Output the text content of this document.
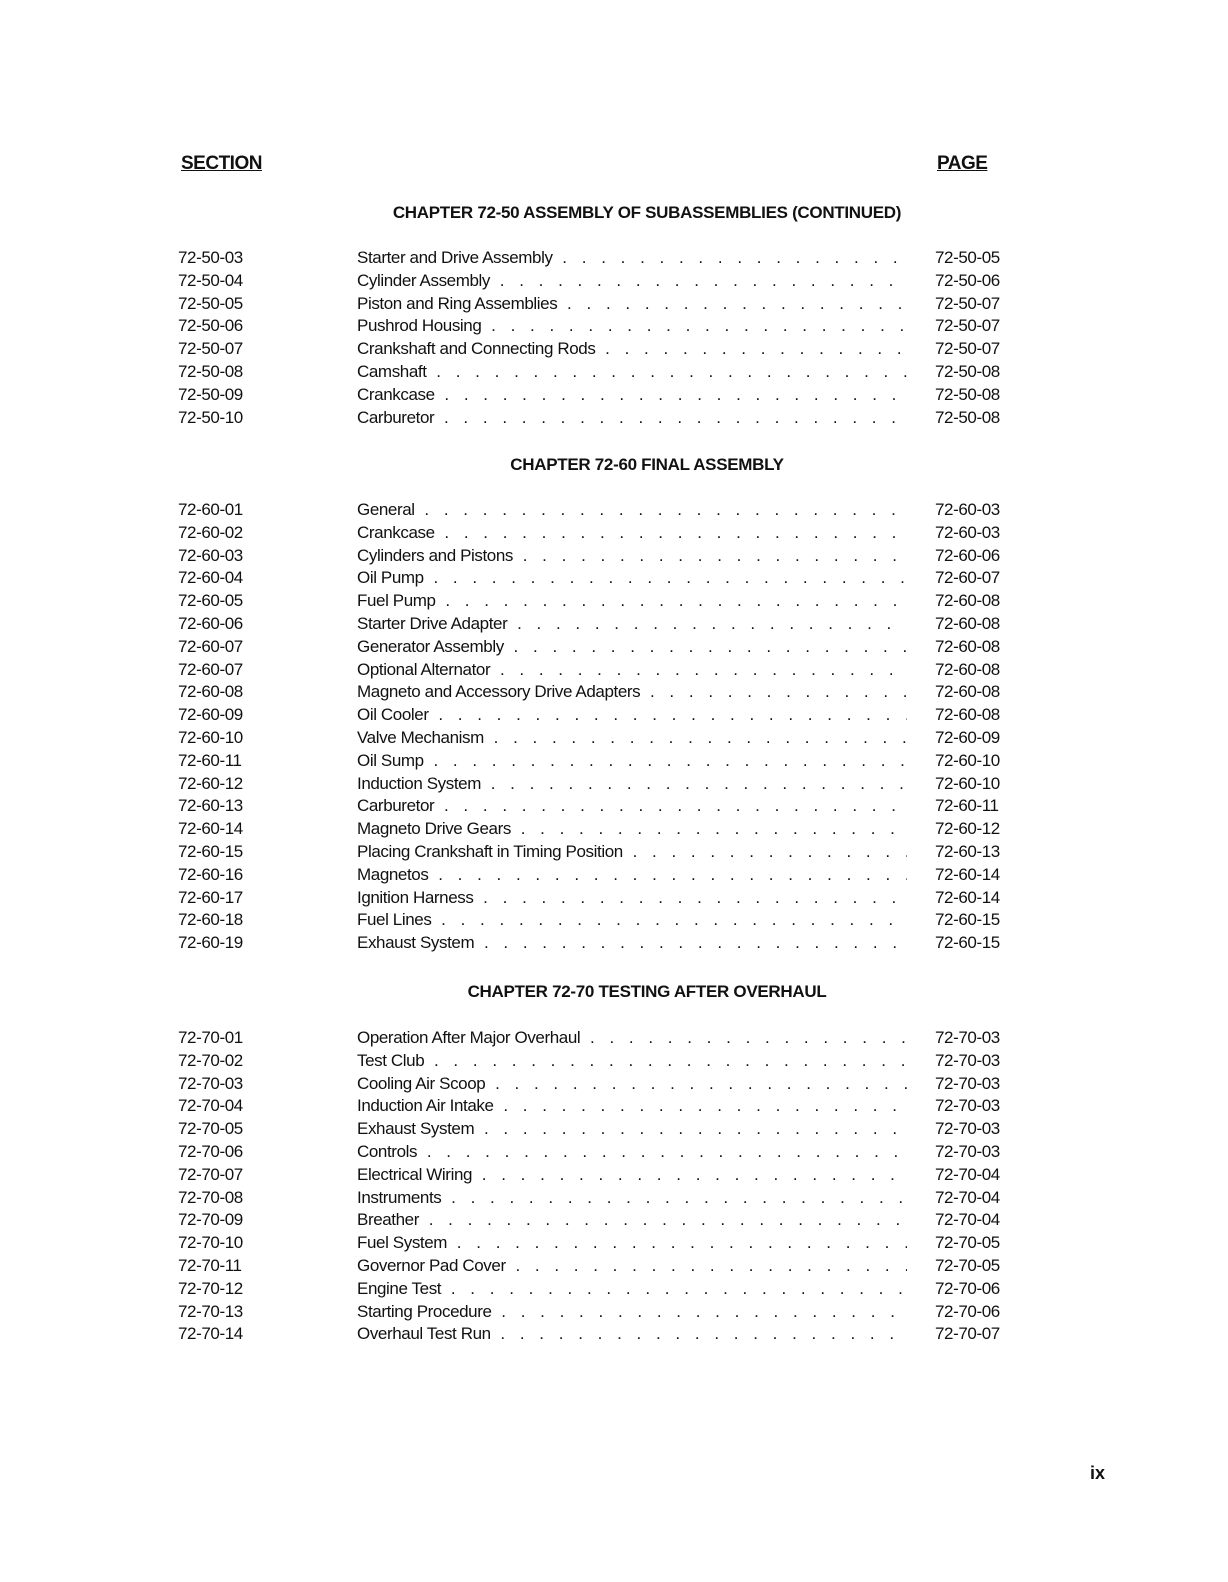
SECTION	PAGE
CHAPTER 72-50 ASSEMBLY OF SUBASSEMBLIES (CONTINUED)
72-50-03	Starter and Drive Assembly . . .	72-50-05
72-50-04	Cylinder Assembly . . .	72-50-06
72-50-05	Piston and Ring Assemblies . . .	72-50-07
72-50-06	Pushrod Housing . . .	72-50-07
72-50-07	Crankshaft and Connecting Rods . . .	72-50-07
72-50-08	Camshaft . . .	72-50-08
72-50-09	Crankcase . . .	72-50-08
72-50-10	Carburetor . . .	72-50-08
CHAPTER 72-60 FINAL ASSEMBLY
72-60-01	General . . .	72-60-03
72-60-02	Crankcase . . .	72-60-03
72-60-03	Cylinders and Pistons . . .	72-60-06
72-60-04	Oil Pump . . .	72-60-07
72-60-05	Fuel Pump . . .	72-60-08
72-60-06	Starter Drive Adapter . . .	72-60-08
72-60-07	Generator Assembly . . .	72-60-08
72-60-07	Optional Alternator . . .	72-60-08
72-60-08	Magneto and Accessory Drive Adapters . . .	72-60-08
72-60-09	Oil Cooler . . .	72-60-08
72-60-10	Valve Mechanism . . .	72-60-09
72-60-11	Oil Sump . . .	72-60-10
72-60-12	Induction System . . .	72-60-10
72-60-13	Carburetor . . .	72-60-11
72-60-14	Magneto Drive Gears . . .	72-60-12
72-60-15	Placing Crankshaft in Timing Position . . .	72-60-13
72-60-16	Magnetos . . .	72-60-14
72-60-17	Ignition Harness . . .	72-60-14
72-60-18	Fuel Lines . . .	72-60-15
72-60-19	Exhaust System . . .	72-60-15
CHAPTER 72-70 TESTING AFTER OVERHAUL
72-70-01	Operation After Major Overhaul . . .	72-70-03
72-70-02	Test Club . . .	72-70-03
72-70-03	Cooling Air Scoop . . .	72-70-03
72-70-04	Induction Air Intake . . .	72-70-03
72-70-05	Exhaust System . . .	72-70-03
72-70-06	Controls . . .	72-70-03
72-70-07	Electrical Wiring . . .	72-70-04
72-70-08	Instruments . . .	72-70-04
72-70-09	Breather . . .	72-70-04
72-70-10	Fuel System . . .	72-70-05
72-70-11	Governor Pad Cover . . .	72-70-05
72-70-12	Engine Test . . .	72-70-06
72-70-13	Starting Procedure . . .	72-70-06
72-70-14	Overhaul Test Run . . .	72-70-07
ix
